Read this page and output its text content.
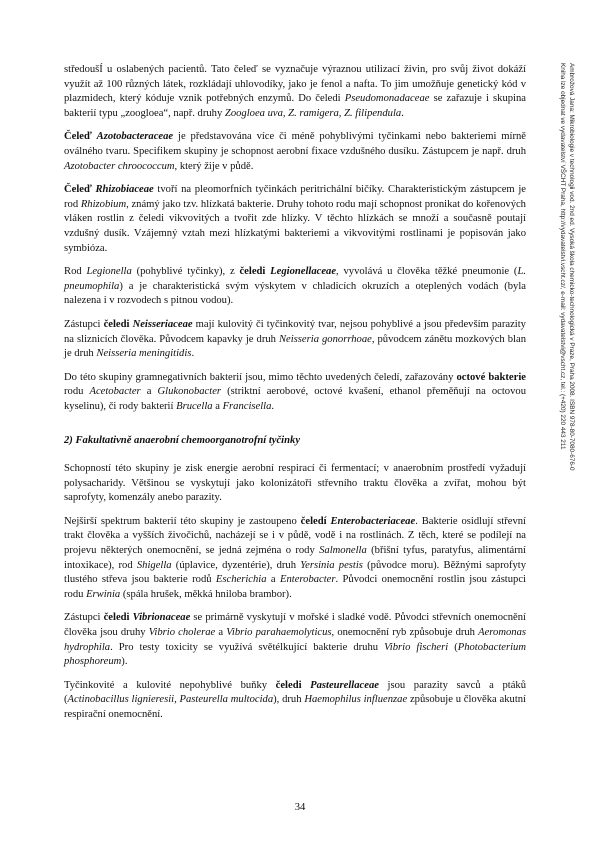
středoušÍ u oslabených pacientů. Tato čeleď se vyznačuje výraznou utilizací živin, pro svůj život dokáží využít až 100 různých látek, rozkládají uhlovodíky, jako je fenol a nafta. To jim umožňuje genetický kód v plazmidech, který kóduje vznik potřebných enzymů. Do čeledi Pseudomonadaceae se zařazuje i skupina bakterií typu „zoogloea“, např. druhy Zoogloea uva, Z. ramigera, Z. filipendula.

Čeleď Azotobacteraceae je představována více či méně pohyblivými tyčinkami nebo bakteriemi mírně oválného tvaru. Specifikem skupiny je schopnost aerobní fixace vzdušného dusíku. Zástupcem je např. druh Azotobacter chroococcum, který žije v půdě.

Čeleď Rhizobiaceae tvoří na pleomorfních tyčinkách peritrichální bičíky. Charakteristickým zástupcem je rod Rhizobium, známý jako tzv. hlízkatá bakterie. Druhy tohoto rodu mají schopnost pronikat do kořenových vláken rostlin z čeledi vikvovitých a tvořit zde hlízky. V těchto hlízkách se množí a současně poutají vzdušný dusík. Vzájemný vztah mezi hlízkatými bakteriemi a vikvovitými rostlinami je popisován jako symbióza.

Rod Legionella (pohyblivé tyčinky), z čeledi Legionellaceae, vyvolává u člověka těžké pneumonie (L. pneumophila) a je charakteristická svým výskytem v chladicích okruzích a oteplených vodách (byla nalezena i v rozvodech s pitnou vodou).

Zástupci čeledi Neisseriaceae mají kulovitý či tyčinkovitý tvar, nejsou pohyblivé a jsou především parazity na sliznicích člověka. Původcem kapavky je druh Neisseria gonorrhoae, původcem zánětu mozkových blan je druh Neisseria meningitidis.

Do této skupiny gramnegativních bakterií jsou, mimo těchto uvedených čeledí, zařazovány octové bakterie rodu Acetobacter a Glukonobacter (striktní aerobové, octové kvašení, ethanol přeměňují na octovou kyselinu), či rody bakterií Brucella a Francisella.

2) Fakultativně anaerobní chemoorganotrofní tyčinky

Schopností této skupiny je zisk energie aerobní respirací či fermentací; v anaerobním prostředí vyžadují polysacharidy. Většinou se vyskytují jako kolonizátoři střevního traktu člověka a zvířat, mohou být saprofyty, komenzály anebo parazity.

Nejširší spektrum bakterií této skupiny je zastoupeno čeledí Enterobacteriaceae. Bakterie osidlují střevní trakt člověka a vyšších živočichů, nacházejí se i v půdě, vodě i na rostlinách. Z těch, které se podílejí na projevu některých onemocnění, se jedná zejména o rody Salmonella (břišní tyfus, paratyfus, alimentární intoxikace), rod Shigella (úplavice, dyzentérie), druh Yersinia pestis (původce moru). Běžnými saprofyty tlustého střeva jsou bakterie rodů Escherichia a Enterobacter. Původci onemocnění rostlin jsou zástupci rodu Erwinia (spála hrušek, měkká hniloba brambor).

Zástupci čeledi Vibrionaceae se primárně vyskytují v mořské i sladké vodě. Původci střevních onemocnění člověka jsou druhy Vibrio cholerae a Vibrio parahaemolyticus, onemocnění ryb způsobuje druh Aeromonas hydrophila. Pro testy toxicity se využívá světélkující bakterie druhu Vibrio fischeri (Photobacterium phosphoreum).

Tyčinkovité a kulovité nepohyblivé buňky čeledi Pasteurellaceae jsou parazity savců a ptáků (Actinobacillus lignieresii, Pasteurella multocida), druh Haemophilus influenzae způsobuje u člověka akutní respirační onemocnění.

Ambrožová Jana: Mikrobiologie v technologii vod. 2nd ed. Vysoká škola chemicko-technologická v Praze, Praha 2008. ISBN 978-80-7080-676-0
Kniha lze objednat ve vydavatelství VŠCHT Praha, http://vydavatelstvi.vscht.cz/, e-mail: vydavatelstvi@vscht.cz, tel.: (+420) 220 443 211
34
